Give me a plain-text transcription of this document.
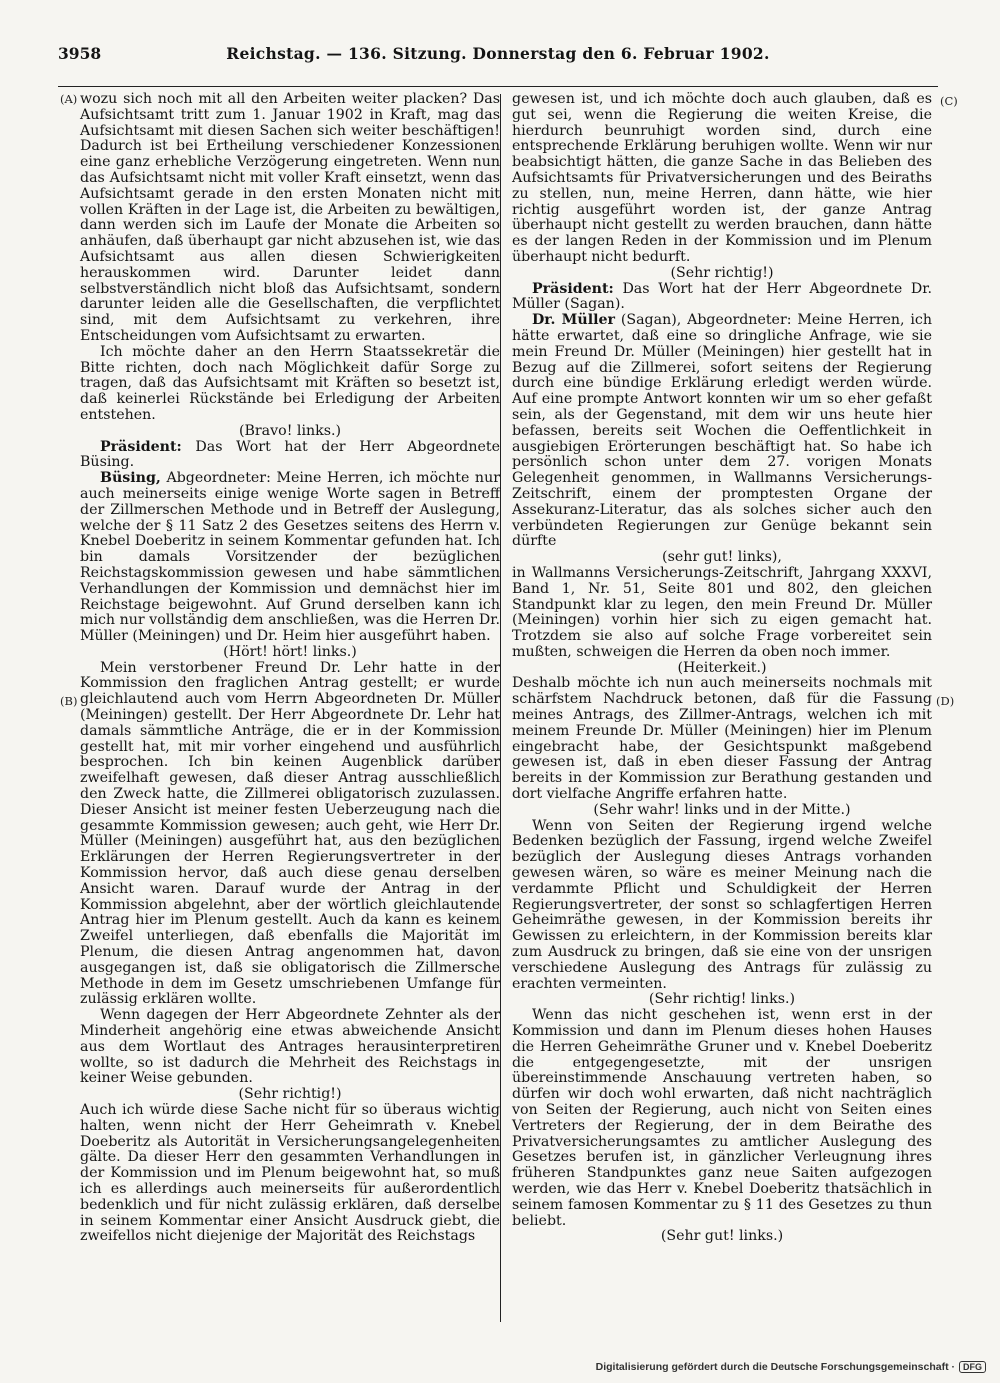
3958	Reichstag. — 136. Sitzung. Donnerstag den 6. Februar 1902.
(A)
(B)
(C)
(D)

wozu sich noch mit all den Arbeiten weiter placken? Das Aufsichtsamt tritt zum 1. Januar 1902 in Kraft, mag das Aufsichtsamt mit diesen Sachen sich weiter beschäftigen! Dadurch ist bei Ertheilung verschiedener Konzessionen eine ganz erhebliche Verzögerung eingetreten. Wenn nun das Aufsichtsamt nicht mit voller Kraft einsetzt, wenn das Aufsichtsamt gerade in den ersten Monaten nicht mit vollen Kräften in der Lage ist, die Arbeiten zu bewältigen, dann werden sich im Laufe der Monate die Arbeiten so anhäufen, daß überhaupt gar nicht abzusehen ist, wie das Aufsichtsamt aus allen diesen Schwierigkeiten herauskommen wird. Darunter leidet dann selbstverständlich nicht bloß das Aufsichtsamt, sondern darunter leiden alle die Gesellschaften, die verpflichtet sind, mit dem Aufsichtsamt zu verkehren, ihre Entscheidungen vom Aufsichtsamt zu erwarten.

Ich möchte daher an den Herrn Staatssekretär die Bitte richten, doch nach Möglichkeit dafür Sorge zu tragen, daß das Aufsichtsamt mit Kräften so besetzt ist, daß keinerlei Rückstände bei Erledigung der Arbeiten entstehen.

(Bravo! links.)

Präsident: Das Wort hat der Herr Abgeordnete Büsing.

Büsing, Abgeordneter: Meine Herren, ich möchte nur auch meinerseits einige wenige Worte sagen in Betreff der Zillmerschen Methode und in Betreff der Auslegung, welche der § 11 Satz 2 des Gesetzes seitens des Herrn v. Knebel Doeberitz in seinem Kommentar gefunden hat. Ich bin damals Vorsitzender der bezüglichen Reichstagskommission gewesen und habe sämmtlichen Verhandlungen der Kommission und demnächst hier im Reichstage beigewohnt. Auf Grund derselben kann ich mich nur vollständig dem anschließen, was die Herren Dr. Müller (Meiningen) und Dr. Heim hier ausgeführt haben.

(Hört! hört! links.)

Mein verstorbener Freund Dr. Lehr hatte in der Kommission den fraglichen Antrag gestellt; er wurde gleichlautend auch vom Herrn Abgeordneten Dr. Müller (Meiningen) gestellt. Der Herr Abgeordnete Dr. Lehr hat damals sämmtliche Anträge, die er in der Kommission gestellt hat, mit mir vorher eingehend und ausführlich besprochen. Ich bin keinen Augenblick darüber zweifelhaft gewesen, daß dieser Antrag ausschließlich den Zweck hatte, die Zillmerei obligatorisch zuzulassen. Dieser Ansicht ist meiner festen Ueberzeugung nach die gesammte Kommission gewesen; auch geht, wie Herr Dr. Müller (Meiningen) ausgeführt hat, aus den bezüglichen Erklärungen der Herren Regierungsvertreter in der Kommission hervor, daß auch diese genau derselben Ansicht waren. Darauf wurde der Antrag in der Kommission abgelehnt, aber der wörtlich gleichlautende Antrag hier im Plenum gestellt. Auch da kann es keinem Zweifel unterliegen, daß ebenfalls die Majorität im Plenum, die diesen Antrag angenommen hat, davon ausgegangen ist, daß sie obligatorisch die Zillmersche Methode in dem im Gesetz umschriebenen Umfange für zulässig erklären wollte.

Wenn dagegen der Herr Abgeordnete Zehnter als der Minderheit angehörig eine etwas abweichende Ansicht aus dem Wortlaut des Antrages herausinterpretiren wollte, so ist dadurch die Mehrheit des Reichstags in keiner Weise gebunden.

(Sehr richtig!)

Auch ich würde diese Sache nicht für so überaus wichtig halten, wenn nicht der Herr Geheimrath v. Knebel Doeberitz als Autorität in Versicherungsangelegenheiten gälte. Da dieser Herr den gesammten Verhandlungen in der Kommission und im Plenum beigewohnt hat, so muß ich es allerdings auch meinerseits für außerordentlich bedenklich und für nicht zulässig erklären, daß derselbe in seinem Kommentar einer Ansicht Ausdruck giebt, die zweifellos nicht diejenige der Majorität des Reichstags

gewesen ist, und ich möchte doch auch glauben, daß es gut sei, wenn die Regierung die weiten Kreise, die hierdurch beunruhigt worden sind, durch eine entsprechende Erklärung beruhigen wollte. Wenn wir nur beabsichtigt hätten, die ganze Sache in das Belieben des Aufsichtsamts für Privatversicherungen und des Beiraths zu stellen, nun, meine Herren, dann hätte, wie hier richtig ausgeführt worden ist, der ganze Antrag überhaupt nicht gestellt zu werden brauchen, dann hätte es der langen Reden in der Kommission und im Plenum überhaupt nicht bedurft.

(Sehr richtig!)

Präsident: Das Wort hat der Herr Abgeordnete Dr. Müller (Sagan).

Dr. Müller (Sagan), Abgeordneter: Meine Herren, ich hätte erwartet, daß eine so dringliche Anfrage, wie sie mein Freund Dr. Müller (Meiningen) hier gestellt hat in Bezug auf die Zillmerei, sofort seitens der Regierung durch eine bündige Erklärung erledigt werden würde. Auf eine prompte Antwort konnten wir um so eher gefaßt sein, als der Gegenstand, mit dem wir uns heute hier befassen, bereits seit Wochen die Oeffentlichkeit in ausgiebigen Erörterungen beschäftigt hat. So habe ich persönlich schon unter dem 27. vorigen Monats Gelegenheit genommen, in Wallmanns Versicherungs-Zeitschrift, einem der promptesten Organe der Assekuranz-Literatur, das als solches sicher auch den verbündeten Regierungen zur Genüge bekannt sein dürfte

(sehr gut! links),

in Wallmanns Versicherungs-Zeitschrift, Jahrgang XXXVI, Band 1, Nr. 51, Seite 801 und 802, den gleichen Standpunkt klar zu legen, den mein Freund Dr. Müller (Meiningen) vorhin hier sich zu eigen gemacht hat. Trotzdem sie also auf solche Frage vorbereitet sein mußten, schweigen die Herren da oben noch immer.

(Heiterkeit.)

Deshalb möchte ich nun auch meinerseits nochmals mit schärfstem Nachdruck betonen, daß für die Fassung meines Antrags, des Zillmer-Antrags, welchen ich mit meinem Freunde Dr. Müller (Meiningen) hier im Plenum eingebracht habe, der Gesichtspunkt maßgebend gewesen ist, daß in eben dieser Fassung der Antrag bereits in der Kommission zur Berathung gestanden und dort vielfache Angriffe erfahren hatte.

(Sehr wahr! links und in der Mitte.)

Wenn von Seiten der Regierung irgend welche Bedenken bezüglich der Fassung, irgend welche Zweifel bezüglich der Auslegung dieses Antrags vorhanden gewesen wären, so wäre es meiner Meinung nach die verdammte Pflicht und Schuldigkeit der Herren Regierungsvertreter, der sonst so schlagfertigen Herren Geheimräthe gewesen, in der Kommission bereits ihr Gewissen zu erleichtern, in der Kommission bereits klar zum Ausdruck zu bringen, daß sie eine von der unsrigen verschiedene Auslegung des Antrags für zulässig zu erachten vermeinten.

(Sehr richtig! links.)

Wenn das nicht geschehen ist, wenn erst in der Kommission und dann im Plenum dieses hohen Hauses die Herren Geheimräthe Gruner und v. Knebel Doeberitz die entgegengesetzte, mit der unsrigen übereinstimmende Anschauung vertreten haben, so dürfen wir doch wohl erwarten, daß nicht nachträglich von Seiten der Regierung, auch nicht von Seiten eines Vertreters der Regierung, der in dem Beirathe des Privatversicherungsamtes zu amtlicher Auslegung des Gesetzes berufen ist, in gänzlicher Verleugnung ihres früheren Standpunktes ganz neue Saiten aufgezogen werden, wie das Herr v. Knebel Doeberitz thatsächlich in seinem famosen Kommentar zu § 11 des Gesetzes zu thun beliebt.

(Sehr gut! links.)

Digitalisierung gefördert durch die Deutsche Forschungsgemeinschaft · DFG
